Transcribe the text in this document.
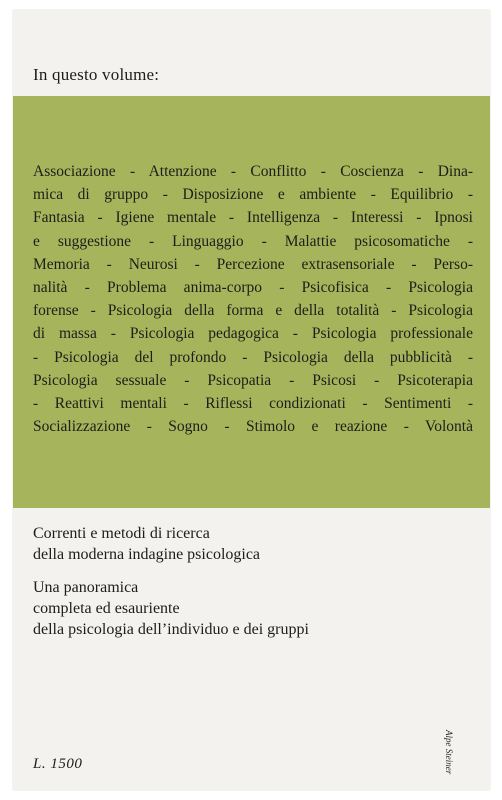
In questo volume:
Associazione - Attenzione - Conflitto - Coscienza - Dina-
mica di gruppo - Disposizione e ambiente - Equilibrio -
Fantasia - Igiene mentale - Intelligenza - Interessi - Ipnosi
e suggestione - Linguaggio - Malattie psicosomatiche -
Memoria - Neurosi - Percezione extrasensoriale - Perso-
nalità - Problema anima-corpo - Psicofisica - Psicologia
forense - Psicologia della forma e della totalità - Psicologia
di massa - Psicologia pedagogica - Psicologia professionale
- Psicologia del profondo - Psicologia della pubblicità -
Psicologia sessuale - Psicopatia - Psicosi - Psicoterapia
- Reattivi mentali - Riflessi condizionati - Sentimenti -
Socializzazione - Sogno - Stimolo e reazione - Volontà
Correnti e metodi di ricerca
della moderna indagine psicologica
Una panoramica
completa ed esauriente
della psicologia dell’individuo e dei gruppi
L. 1500	Alpe Steiner
